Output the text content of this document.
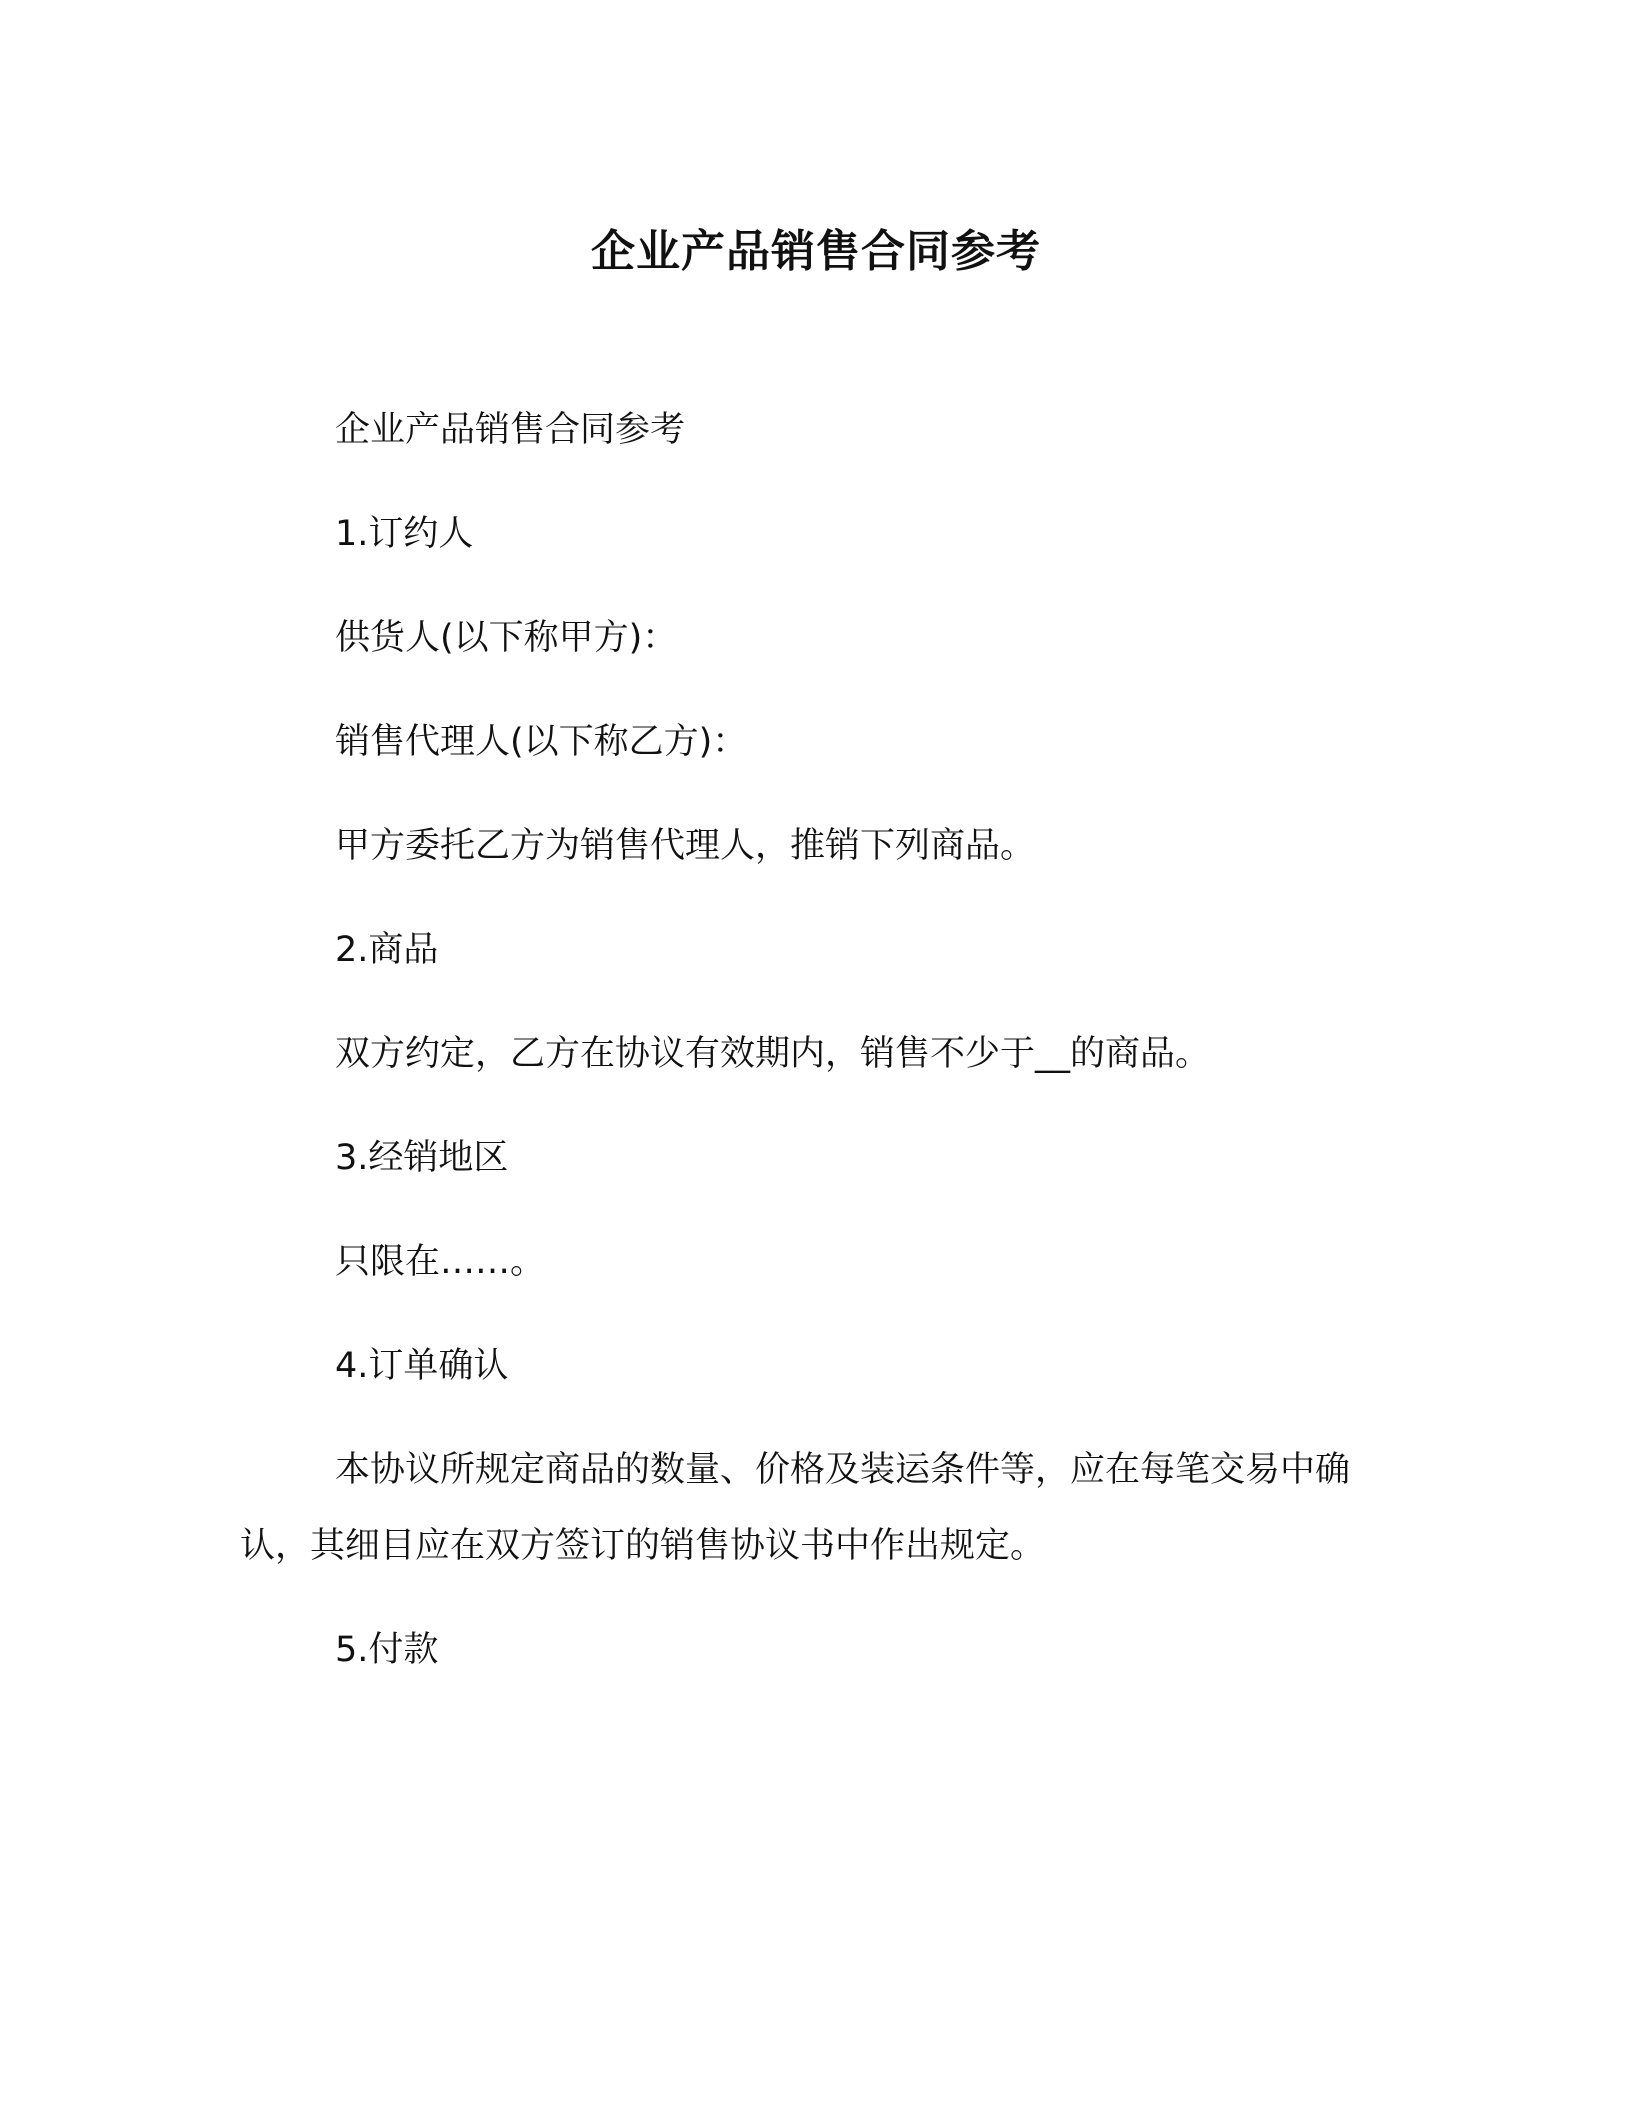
企业产品销售合同参考

企业产品销售合同参考

1.订约人

供货人(以下称甲方)：

销售代理人(以下称乙方)：

甲方委托乙方为销售代理人，推销下列商品。

2.商品

双方约定，乙方在协议有效期内，销售不少于__的商品。

3.经销地区

只限在……。

4.订单确认

本协议所规定商品的数量、价格及装运条件等，应在每笔交易中确认，其细目应在双方签订的销售协议书中作出规定。

5.付款
